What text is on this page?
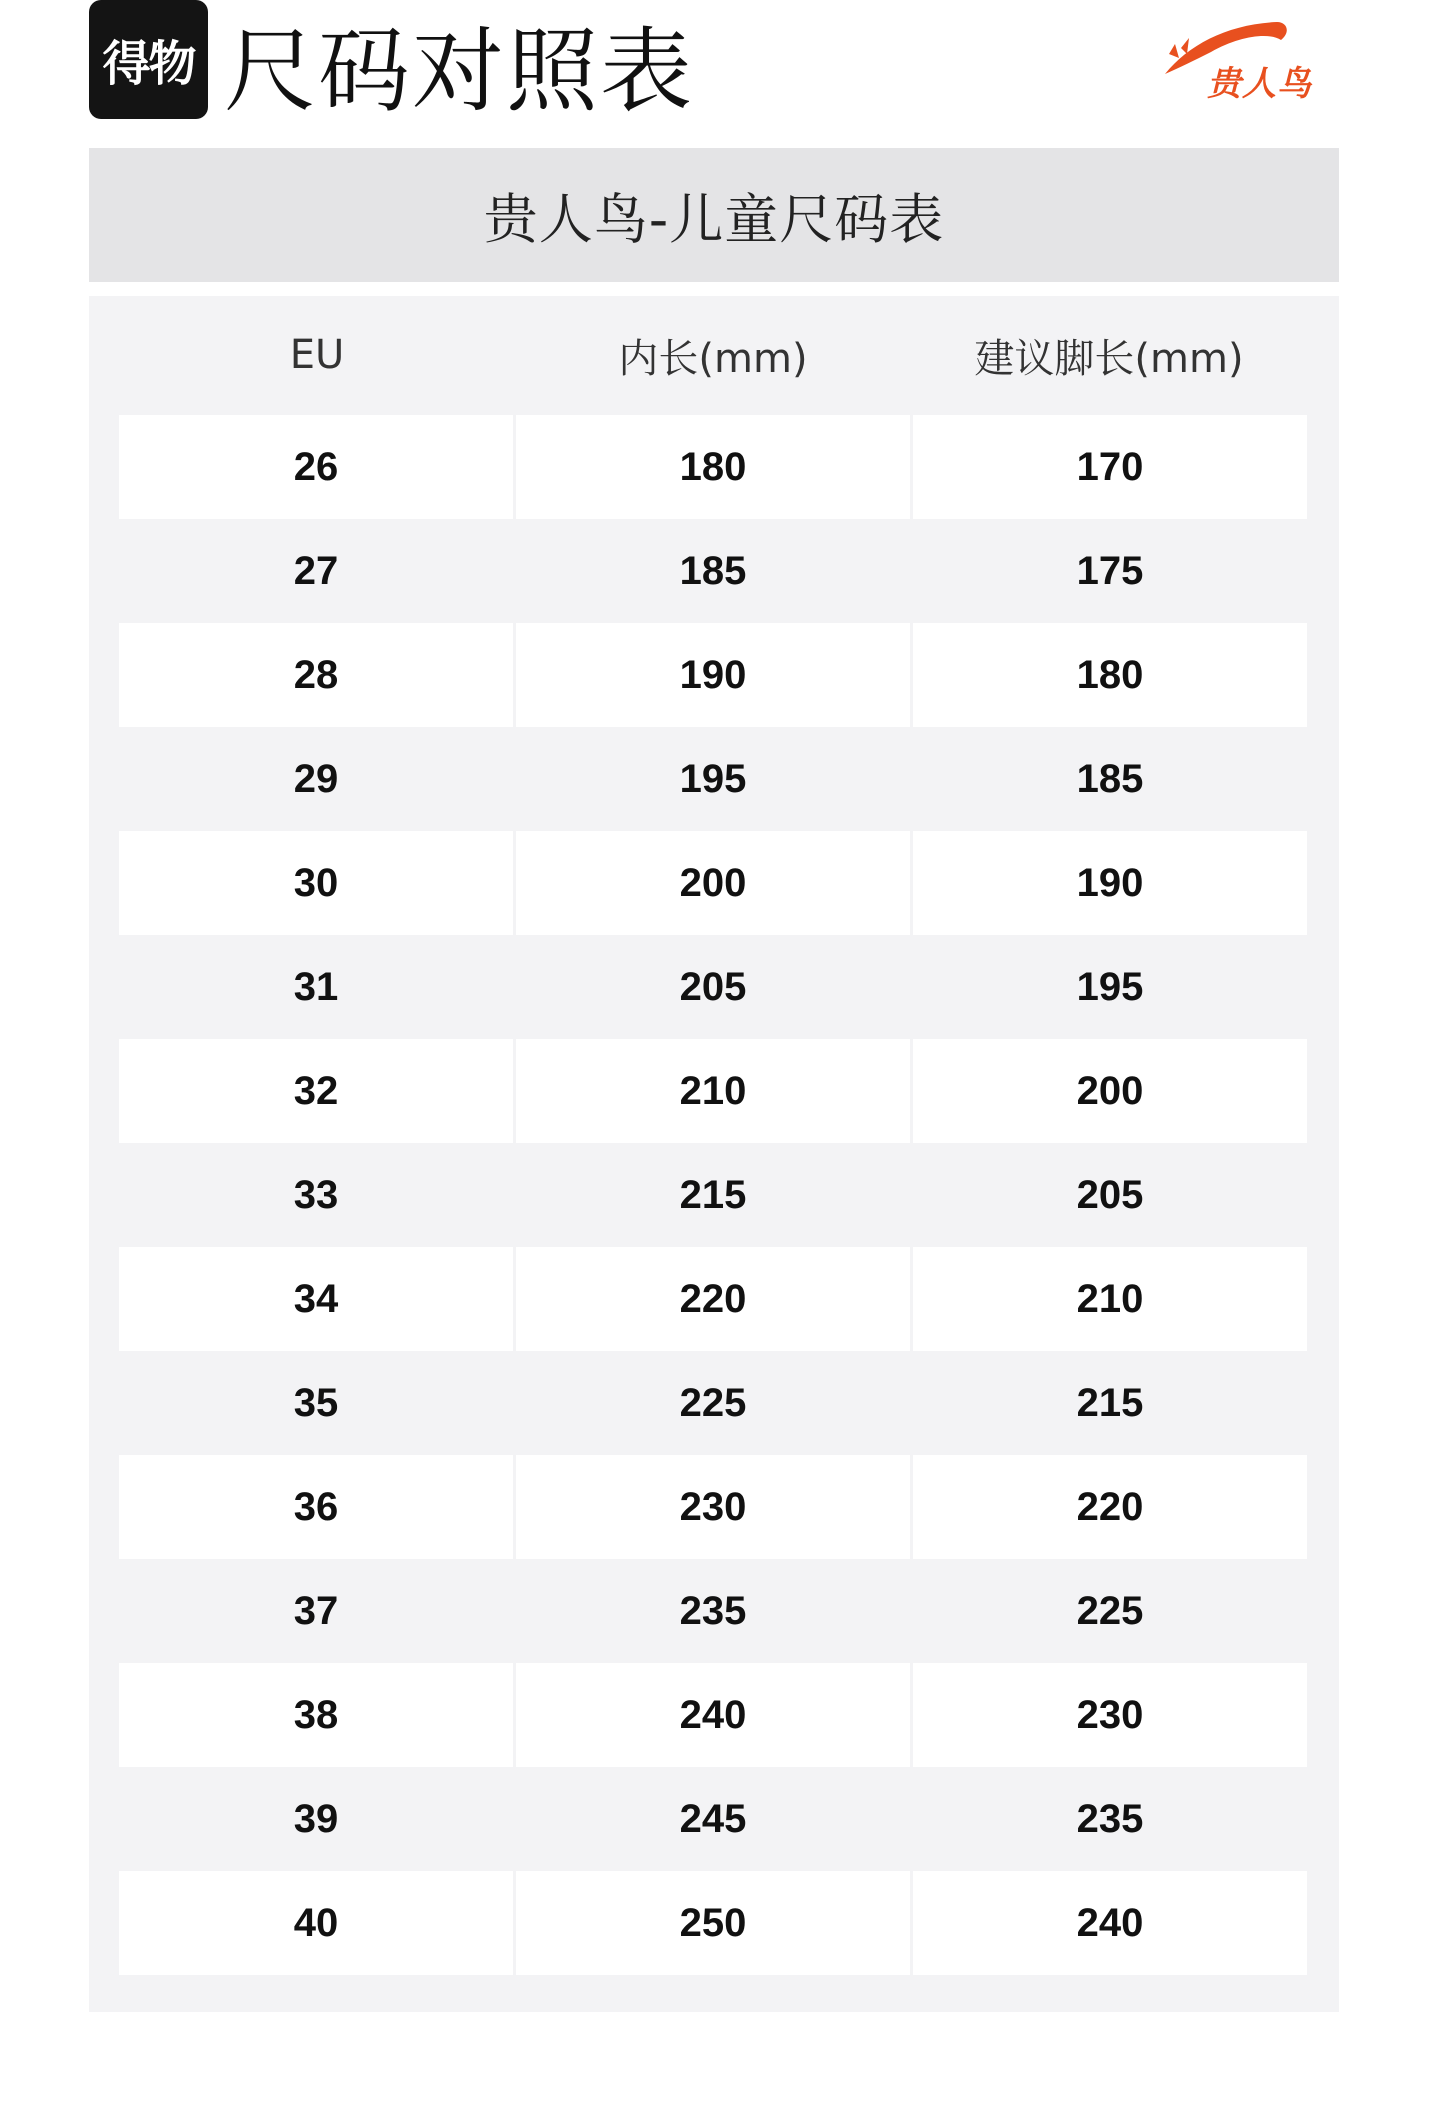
得物 尺码对照表	贵人鸟
贵人鸟-儿童尺码表
EU	内长(mm)	建议脚长(mm)
26	180	170
27	185	175
28	190	180
29	195	185
30	200	190
31	205	195
32	210	200
33	215	205
34	220	210
35	225	215
36	230	220
37	235	225
38	240	230
39	245	235
40	250	240
